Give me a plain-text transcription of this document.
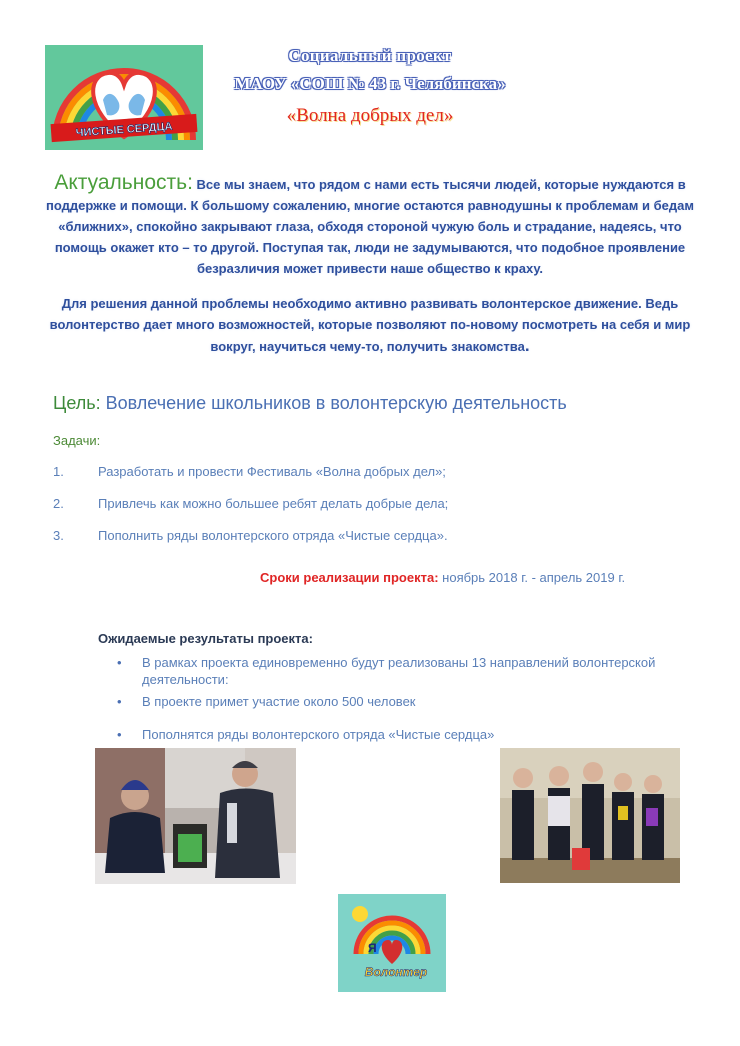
ЧИСТЫЕ СЕРДЦА
Социальный проект
МАОУ «СОШ № 43 г. Челябинска»
«Волна добрых дел»
Актуальность: Все мы знаем, что рядом с нами есть тысячи людей, которые нуждаются в поддержке и помощи. К большому сожалению, многие остаются равнодушны к проблемам и бедам «ближних», спокойно закрывают глаза, обходя стороной чужую боль и страдание, надеясь, что помощь окажет кто – то другой. Поступая так, люди не задумываются, что подобное проявление безразличия может привести наше общество к краху.
Для решения данной проблемы необходимо активно развивать волонтерское движение. Ведь волонтерство дает много возможностей, которые позволяют по-новому посмотреть на себя и мир вокруг, научиться чему-то, получить знакомства.
Цель: Вовлечение школьников в волонтерскую деятельность
Задачи:
1.	Разработать и провести Фестиваль «Волна добрых дел»;
2.	Привлечь как можно большее ребят делать добрые дела;
3.	Пополнить ряды волонтерского отряда «Чистые сердца».
Сроки реализации проекта: ноябрь 2018 г. - апрель 2019 г.
Ожидаемые результаты проекта:
• В рамках проекта единовременно будут реализованы 13 направлений волонтерской деятельности:
• В проекте примет участие около 500 человек
• Пополнятся ряды волонтерского отряда «Чистые сердца»
Я
Волонтер
